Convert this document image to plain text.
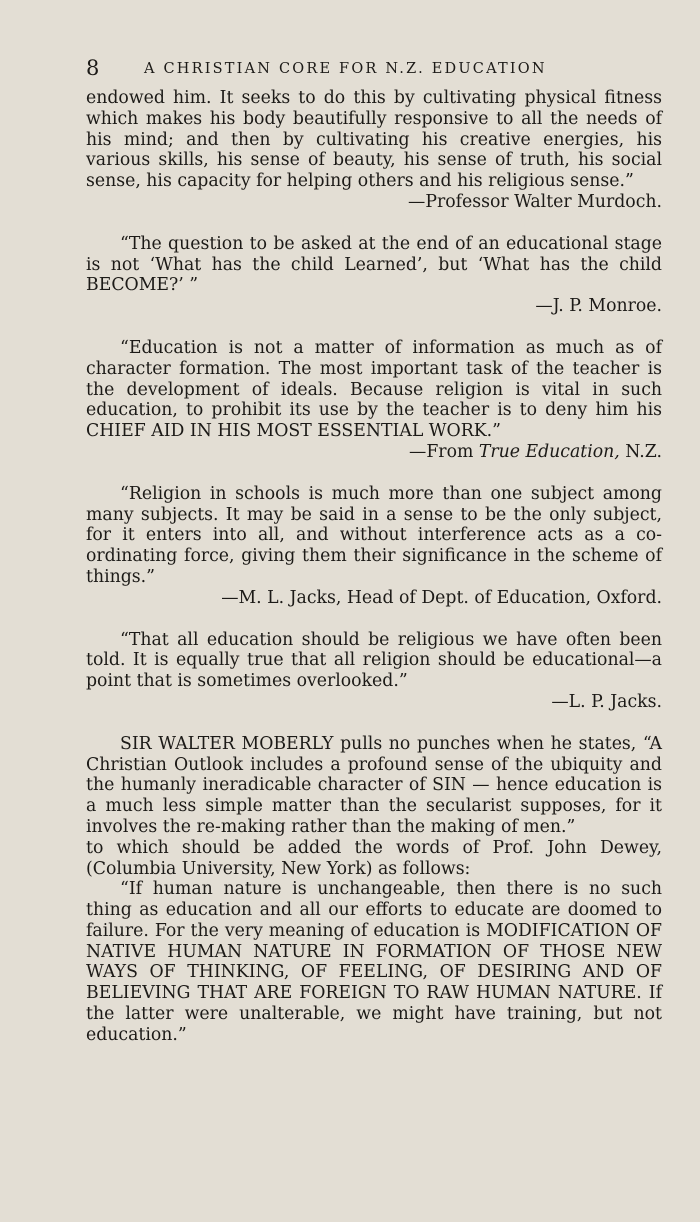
8	A CHRISTIAN CORE FOR N.Z. EDUCATION

endowed him. It seeks to do this by cultivating physical fitness which makes his body beautifully responsive to all the needs of his mind; and then by cultivating his creative energies, his various skills, his sense of beauty, his sense of truth, his social sense, his capacity for helping others and his religious sense.”

—Professor Walter Murdoch.

“The question to be asked at the end of an educational stage is not ‘What has the child Learned’, but ‘What has the child BECOME?’ ”

—J. P. Monroe.

“Education is not a matter of information as much as of character formation. The most important task of the teacher is the development of ideals. Because religion is vital in such education, to prohibit its use by the teacher is to deny him his CHIEF AID IN HIS MOST ESSENTIAL WORK.”

—From True Education, N.Z.

“Religion in schools is much more than one subject among many subjects. It may be said in a sense to be the only subject, for it enters into all, and without interference acts as a co-ordinating force, giving them their significance in the scheme of things.”

—M. L. Jacks, Head of Dept. of Education, Oxford.

“That all education should be religious we have often been told. It is equally true that all religion should be educational—a point that is sometimes overlooked.”

—L. P. Jacks.

SIR WALTER MOBERLY pulls no punches when he states, “A Christian Outlook includes a profound sense of the ubiquity and the humanly ineradicable character of SIN — hence education is a much less simple matter than the secularist supposes, for it involves the re-making rather than the making of men.”

to which should be added the words of Prof. John Dewey, (Columbia University, New York) as follows:

“If human nature is unchangeable, then there is no such thing as education and all our efforts to educate are doomed to failure. For the very meaning of education is MODIFICATION OF NATIVE HUMAN NATURE IN FORMATION OF THOSE NEW WAYS OF THINKING, OF FEELING, OF DESIRING AND OF BELIEVING THAT ARE FOREIGN TO RAW HUMAN NATURE. If the latter were unalterable, we might have training, but not education.”
